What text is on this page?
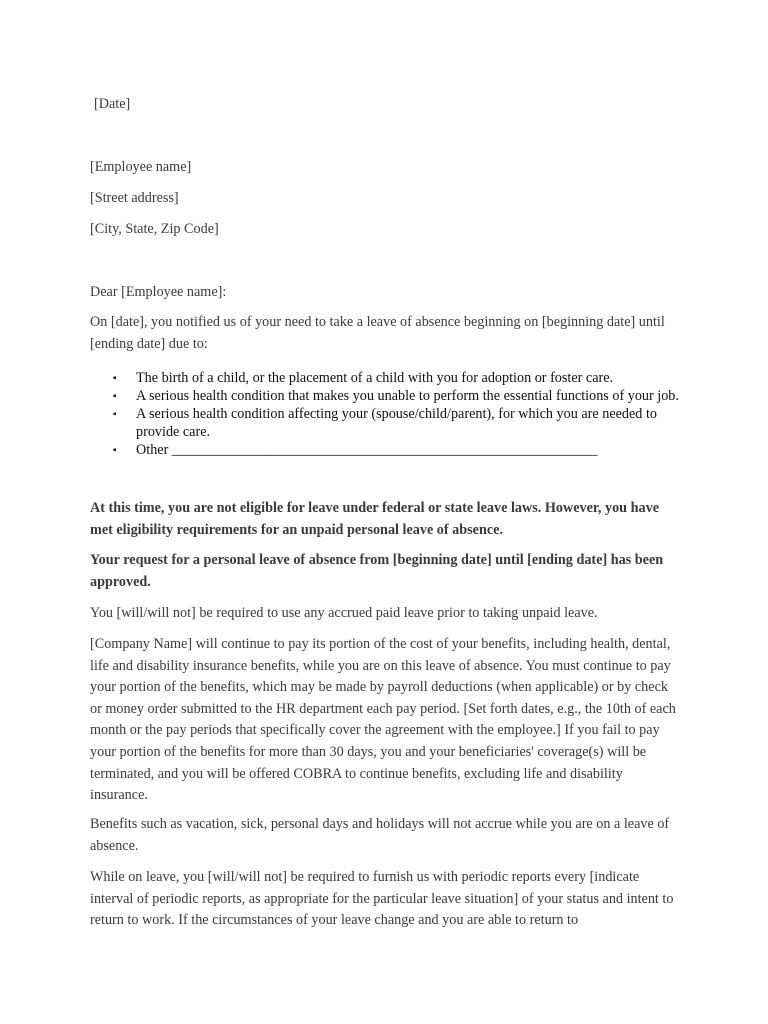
[Date]
[Employee name]
[Street address]
[City, State, Zip Code]
Dear [Employee name]:
On [date], you notified us of your need to take a leave of absence beginning on [beginning date] until [ending date] due to:
▪ The birth of a child, or the placement of a child with you for adoption or foster care.
▪ A serious health condition that makes you unable to perform the essential functions of your job.
▪ A serious health condition affecting your (spouse/child/parent), for which you are needed to provide care.
▪ Other ____________________________________________________________
At this time, you are not eligible for leave under federal or state leave laws. However, you have met eligibility requirements for an unpaid personal leave of absence.
Your request for a personal leave of absence from [beginning date] until [ending date] has been approved.
You [will/will not] be required to use any accrued paid leave prior to taking unpaid leave.
[Company Name] will continue to pay its portion of the cost of your benefits, including health, dental, life and disability insurance benefits, while you are on this leave of absence. You must continue to pay your portion of the benefits, which may be made by payroll deductions (when applicable) or by check or money order submitted to the HR department each pay period. [Set forth dates, e.g., the 10th of each month or the pay periods that specifically cover the agreement with the employee.] If you fail to pay your portion of the benefits for more than 30 days, you and your beneficiaries' coverage(s) will be terminated, and you will be offered COBRA to continue benefits, excluding life and disability insurance.
Benefits such as vacation, sick, personal days and holidays will not accrue while you are on a leave of absence.
While on leave, you [will/will not] be required to furnish us with periodic reports every [indicate interval of periodic reports, as appropriate for the particular leave situation] of your status and intent to return to work. If the circumstances of your leave change and you are able to return to
